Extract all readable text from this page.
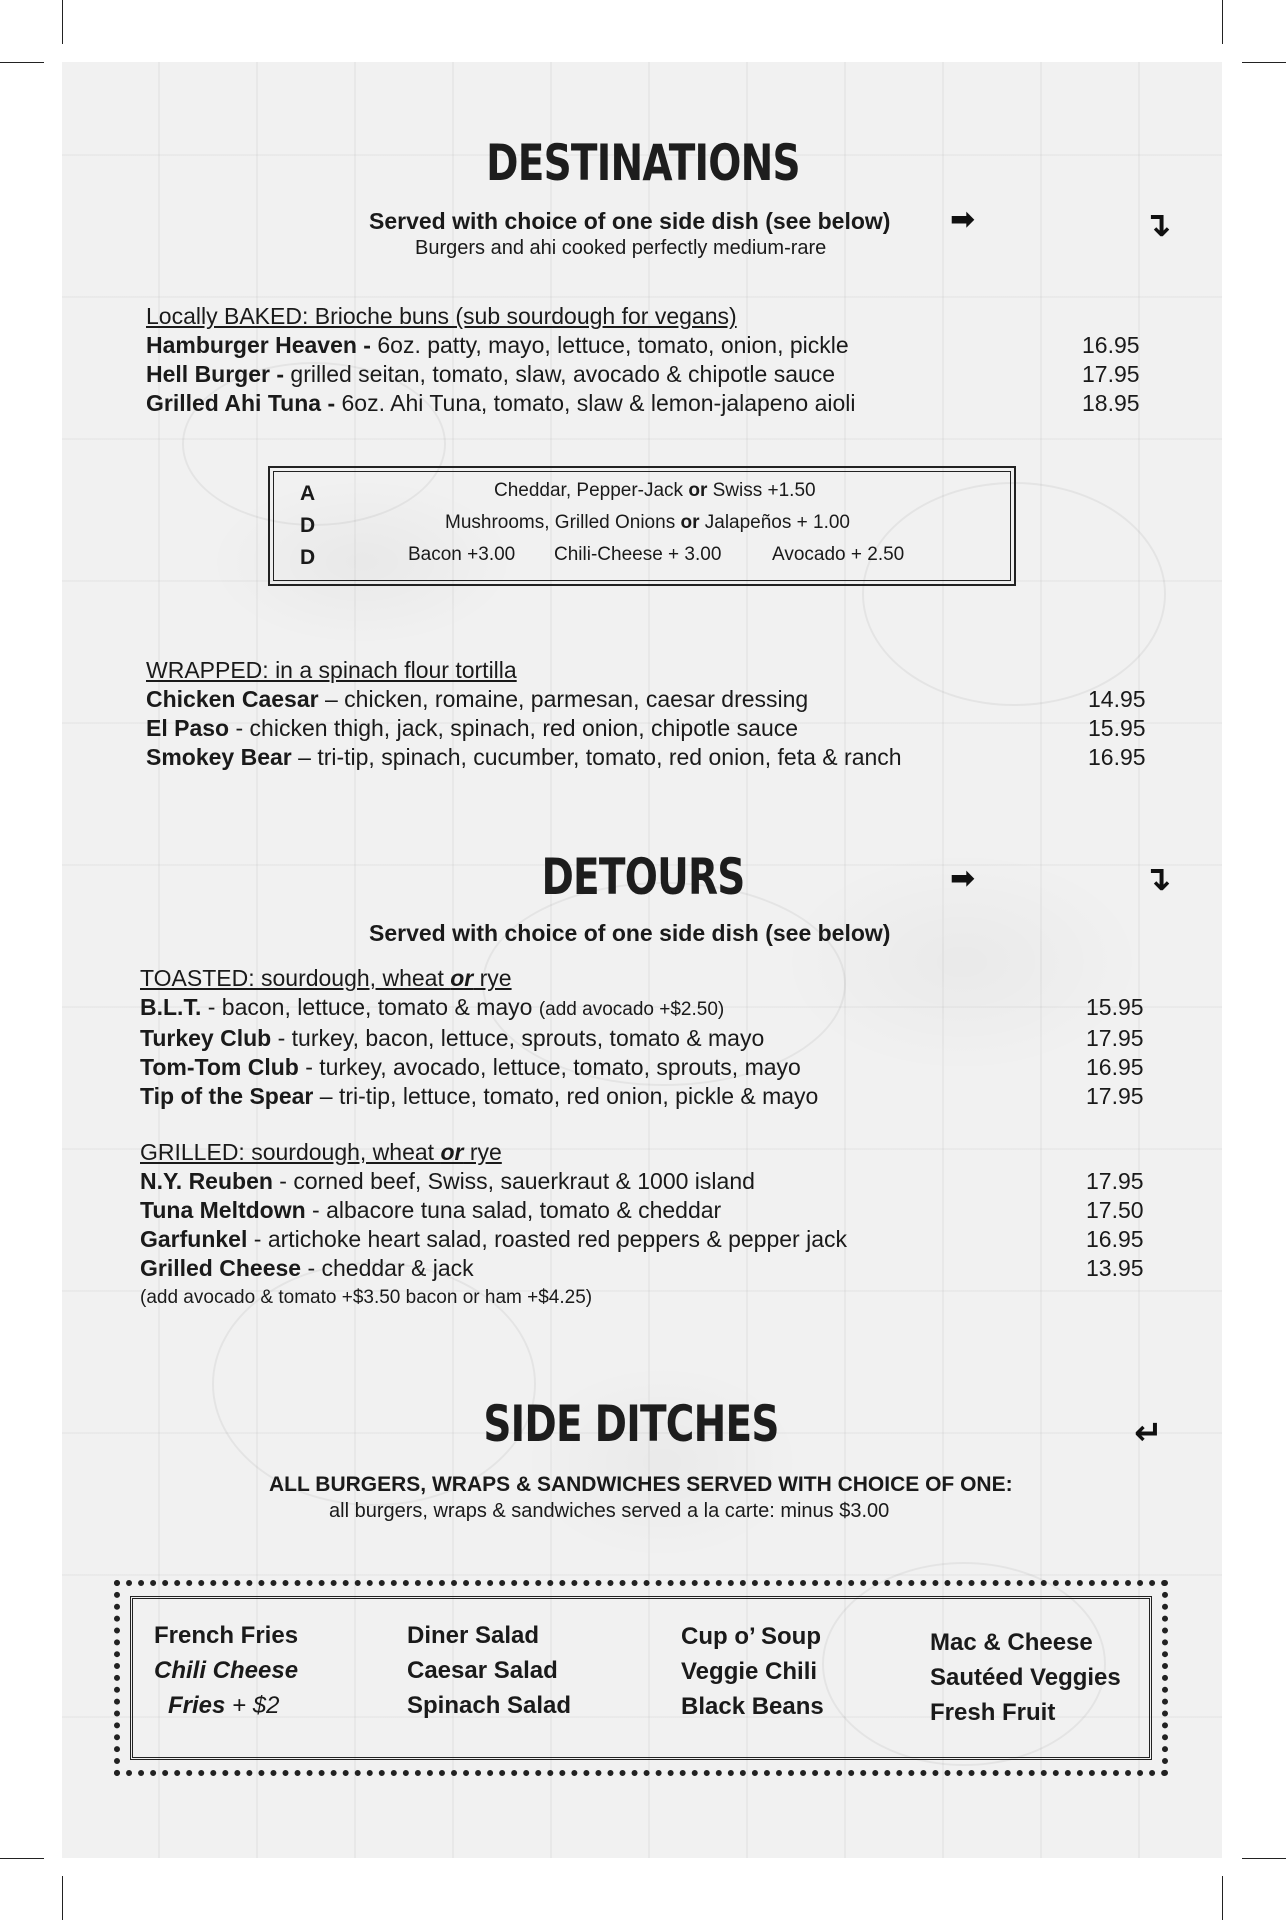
DESTINATIONS
Served with choice of one side dish (see below)
Burgers and ahi cooked perfectly medium-rare
➡	↴
Locally BAKED: Brioche buns (sub sourdough for vegans)
Hamburger Heaven - 6oz. patty, mayo, lettuce, tomato, onion, pickle	16.95
Hell Burger - grilled seitan, tomato, slaw, avocado & chipotle sauce	17.95
Grilled Ahi Tuna - 6oz. Ahi Tuna, tomato, slaw & lemon-jalapeno aioli	18.95
A
D
D
Cheddar, Pepper-Jack or Swiss +1.50
Mushrooms, Grilled Onions or Jalapeños + 1.00
Bacon +3.00 Chili-Cheese + 3.00	Avocado + 2.50
WRAPPED: in a spinach flour tortilla
Chicken Caesar – chicken, romaine, parmesan, caesar dressing	14.95
El Paso - chicken thigh, jack, spinach, red onion, chipotle sauce	15.95
Smokey Bear – tri-tip, spinach, cucumber, tomato, red onion, feta & ranch	16.95
DETOURS	➡	↴
Served with choice of one side dish (see below)
TOASTED: sourdough, wheat or rye
B.L.T. - bacon, lettuce, tomato & mayo (add avocado +$2.50)	15.95
Turkey Club - turkey, bacon, lettuce, sprouts, tomato & mayo	17.95
Tom-Tom Club - turkey, avocado, lettuce, tomato, sprouts, mayo	16.95
Tip of the Spear – tri-tip, lettuce, tomato, red onion, pickle & mayo	17.95
GRILLED: sourdough, wheat or rye
N.Y. Reuben - corned beef, Swiss, sauerkraut & 1000 island	17.95
Tuna Meltdown - albacore tuna salad, tomato & cheddar	17.50
Garfunkel - artichoke heart salad, roasted red peppers & pepper jack	16.95
Grilled Cheese - cheddar & jack	13.95
(add avocado & tomato +$3.50 bacon or ham +$4.25)
SIDE DITCHES	↵
ALL BURGERS, WRAPS & SANDWICHES SERVED WITH CHOICE OF ONE:
all burgers, wraps & sandwiches served a la carte: minus $3.00
French Fries
Chili Cheese
Fries + $2
Diner Salad
Caesar Salad
Spinach Salad
Cup o’ Soup
Veggie Chili
Black Beans
Mac & Cheese
Sautéed Veggies
Fresh Fruit
